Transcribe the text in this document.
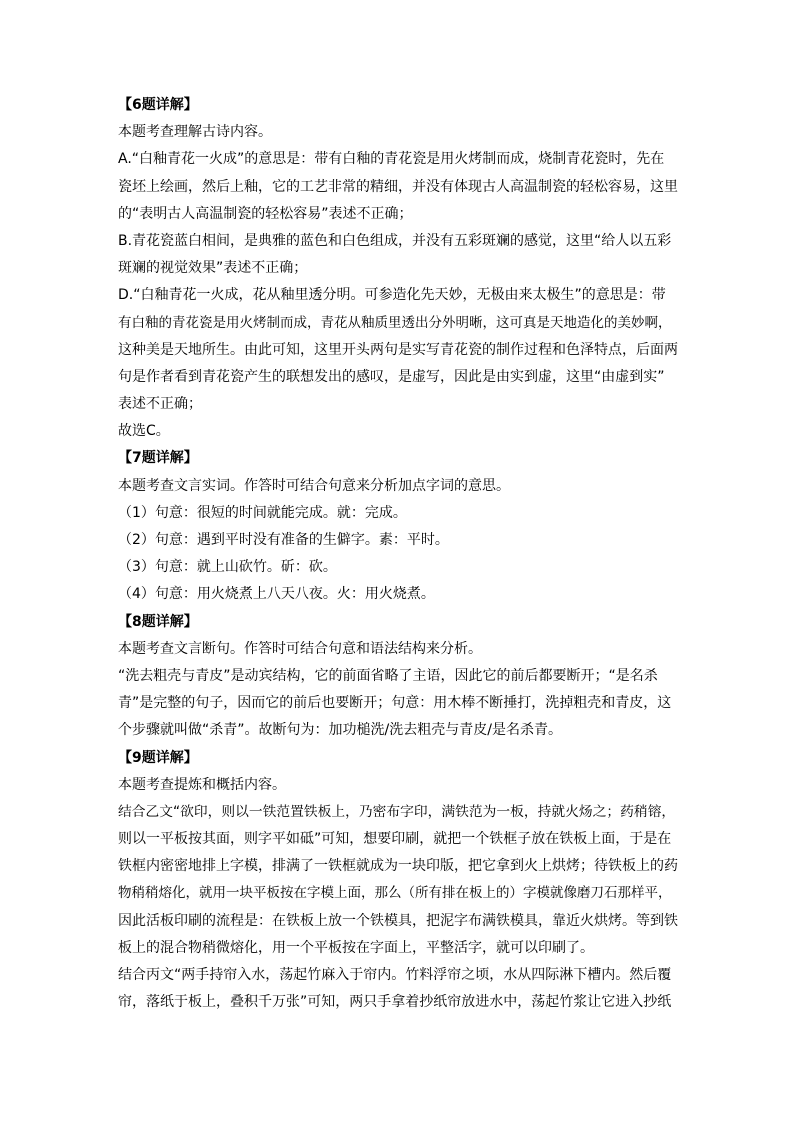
【6题详解】
本题考查理解古诗内容。
A.“白釉青花一火成”的意思是：带有白釉的青花瓷是用火烤制而成，烧制青花瓷时，先在
瓷坯上绘画，然后上釉，它的工艺非常的精细，并没有体现古人高温制瓷的轻松容易，这里
的“表明古人高温制瓷的轻松容易”表述不正确；
B.青花瓷蓝白相间，是典雅的蓝色和白色组成，并没有五彩斑斓的感觉，这里“给人以五彩
斑斓的视觉效果”表述不正确；
D.“白釉青花一火成，花从釉里透分明。可参造化先天妙，无极由来太极生”的意思是：带
有白釉的青花瓷是用火烤制而成，青花从釉质里透出分外明晰，这可真是天地造化的美妙啊，
这种美是天地所生。由此可知，这里开头两句是实写青花瓷的制作过程和色泽特点，后面两
句是作者看到青花瓷产生的联想发出的感叹，是虚写，因此是由实到虚，这里“由虚到实”
表述不正确；
故选C。
【7题详解】
本题考查文言实词。作答时可结合句意来分析加点字词的意思。
（1）句意：很短的时间就能完成。就：完成。
（2）句意：遇到平时没有准备的生僻字。素：平时。
（3）句意：就上山砍竹。斫：砍。
（4）句意：用火烧煮上八天八夜。火：用火烧煮。
【8题详解】
本题考查文言断句。作答时可结合句意和语法结构来分析。
“洗去粗壳与青皮”是动宾结构，它的前面省略了主语，因此它的前后都要断开；“是名杀
青”是完整的句子，因而它的前后也要断开；句意：用木棒不断捶打，洗掉粗壳和青皮，这
个步骤就叫做“杀青”。故断句为：加功槌洗/洗去粗壳与青皮/是名杀青。
【9题详解】
本题考查提炼和概括内容。
结合乙文“欲印，则以一铁范置铁板上，乃密布字印，满铁范为一板，持就火炀之；药稍镕，
则以一平板按其面，则字平如砥”可知，想要印刷，就把一个铁框子放在铁板上面，于是在
铁框内密密地排上字模，排满了一铁框就成为一块印版，把它拿到火上烘烤；待铁板上的药
物稍稍熔化，就用一块平板按在字模上面，那么（所有排在板上的）字模就像磨刀石那样平，
因此活板印刷的流程是：在铁板上放一个铁模具，把泥字布满铁模具，靠近火烘烤。等到铁
板上的混合物稍微熔化，用一个平板按在字面上，平整活字，就可以印刷了。
结合丙文“两手持帘入水，荡起竹麻入于帘内。竹料浮帘之顷，水从四际淋下槽内。然后覆
帘，落纸于板上，叠积千万张”可知，两只手拿着抄纸帘放进水中，荡起竹浆让它进入抄纸
